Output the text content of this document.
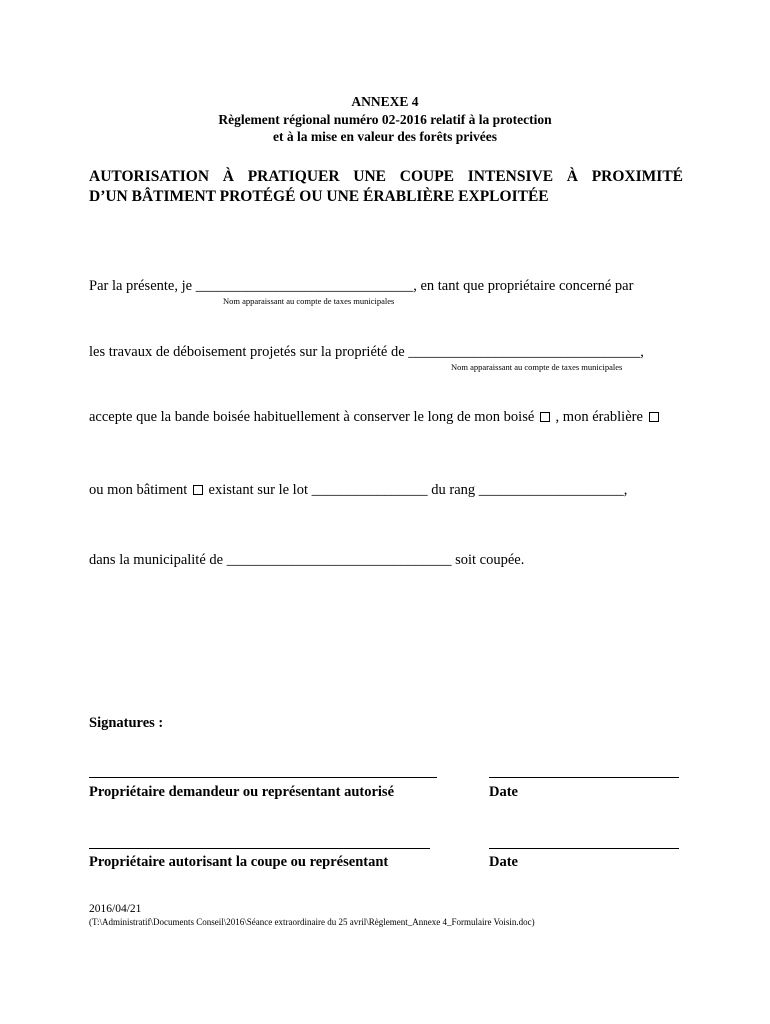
ANNEXE 4
Règlement régional numéro 02-2016 relatif à la protection
et à la mise en valeur des forêts privées
AUTORISATION À PRATIQUER UNE COUPE INTENSIVE À PROXIMITÉ
D’UN BÂTIMENT PROTÉGÉ OU UNE ÉRABLIÈRE EXPLOITÉE
Par la présente, je ______________________________, en tant que propriétaire concerné par
Nom apparaissant au compte de taxes municipales
les travaux de déboisement projetés sur la propriété de ________________________________,
Nom apparaissant au compte de taxes municipales
accepte que la bande boisée habituellement à conserver le long de mon boisé  , mon érablière
ou mon bâtiment  existant sur le lot ________________ du rang ____________________,
dans la municipalité de _______________________________ soit coupée.
Signatures :
Propriétaire demandeur ou représentant autorisé	Date
Propriétaire autorisant la coupe ou représentant	Date
2016/04/21
(T:\Administratif\Documents Conseil\2016\Séance extraordinaire du 25 avril\Règlement_Annexe 4_Formulaire Voisin.doc)
